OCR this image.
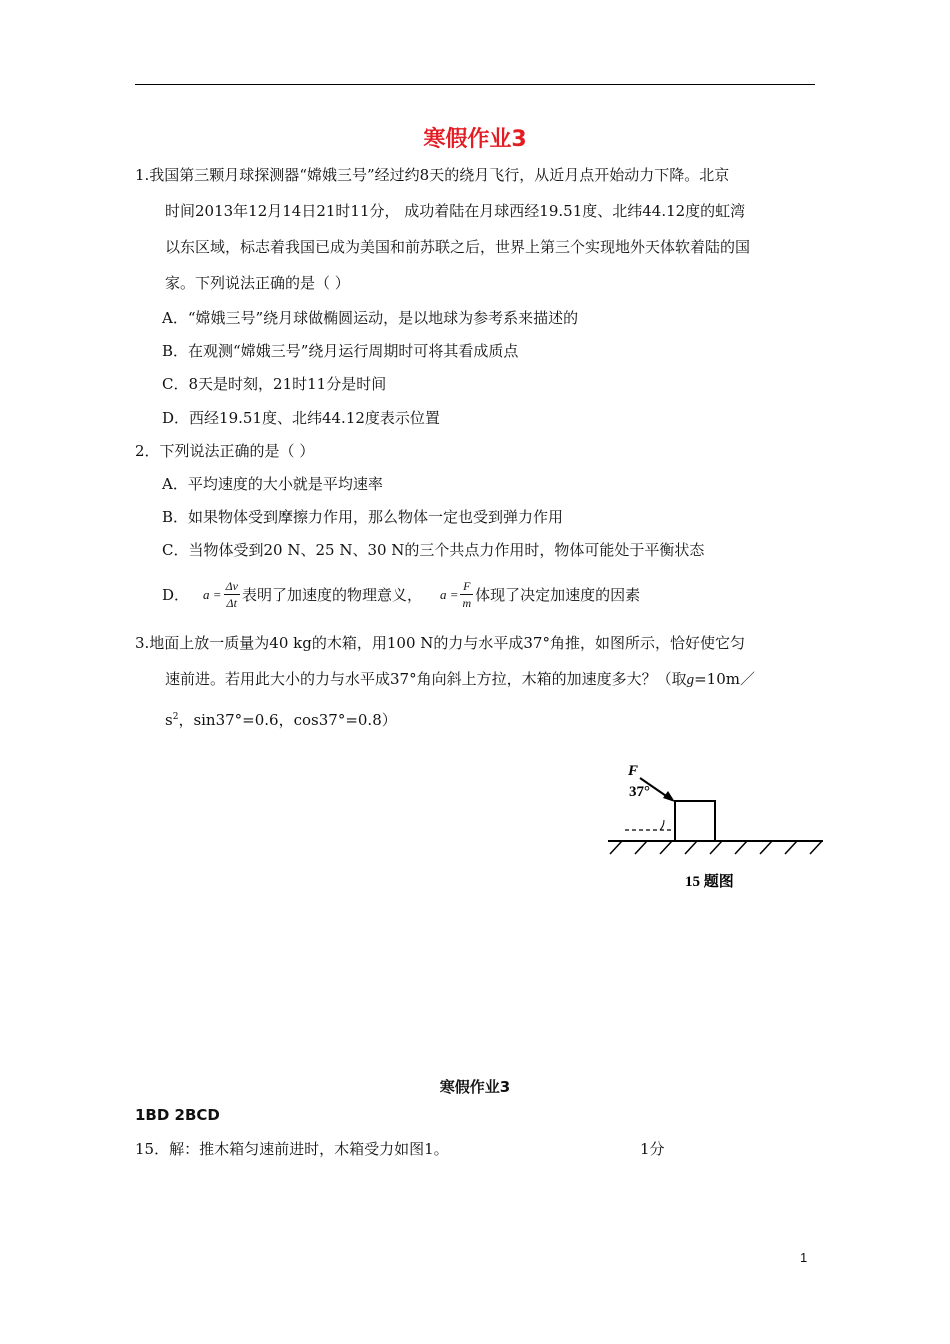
寒假作业3
1.我国第三颗月球探测器“嫦娥三号”经过约8天的绕月飞行，从近月点开始动力下降。北京
时间2013年12月14日21时11分， 成功着陆在月球西经19.51度、北纬44.12度的虹湾
以东区域，标志着我国已成为美国和前苏联之后，世界上第三个实现地外天体软着陆的国
家。下列说法正确的是（ ）
A．“嫦娥三号”绕月球做椭圆运动，是以地球为参考系来描述的
B．在观测“嫦娥三号”绕月运行周期时可将其看成质点
C．8天是时刻，21时11分是时间
D．西经19.51度、北纬44.12度表示位置
2．下列说法正确的是（ ）
A．平均速度的大小就是平均速率
B．如果物体受到摩擦力作用，那么物体一定也受到弹力作用
C．当物体受到20 N、25 N、30 N的三个共点力作用时，物体可能处于平衡状态
D． $a = \frac{\Delta v}{\Delta t}$ 表明了加速度的物理意义， $a = \frac{F}{m}$ 体现了决定加速度的因素
3.地面上放一质量为40 kg的木箱，用100 N的力与水平成37°角推，如图所示，恰好使它匀
速前进。若用此大小的力与水平成37°角向斜上方拉，木箱的加速度多大？（取g=10m／
$s^2$，sin37°=0.6，cos37°=0.8）
F
37°
15 题图
寒假作业3
1BD 2BCD
15．解：推木箱匀速前进时，木箱受力如图1。	1分
1
